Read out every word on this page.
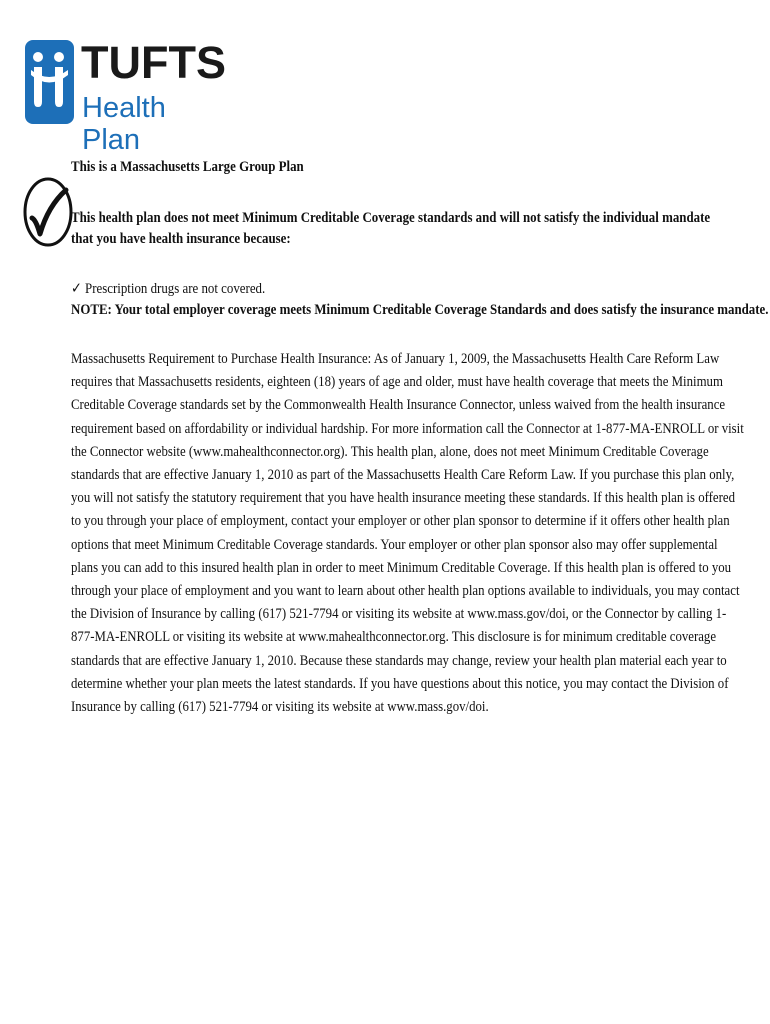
TUFTS
Health Plan
This is a Massachusetts Large Group Plan
This health plan does not meet Minimum Creditable Coverage standards and will not satisfy the individual mandate that you have health insurance because:
✓ Prescription drugs are not covered.
NOTE: Your total employer coverage meets Minimum Creditable Coverage Standards and does satisfy the insurance mandate.
Massachusetts Requirement to Purchase Health Insurance: As of January 1, 2009, the Massachusetts Health Care Reform Law requires that Massachusetts residents, eighteen (18) years of age and older, must have health coverage that meets the Minimum Creditable Coverage standards set by the Commonwealth Health Insurance Connector, unless waived from the health insurance requirement based on affordability or individual hardship. For more information call the Connector at 1-877-MA-ENROLL or visit the Connector website (www.mahealthconnector.org). This health plan, alone, does not meet Minimum Creditable Coverage standards that are effective January 1, 2010 as part of the Massachusetts Health Care Reform Law. If you purchase this plan only, you will not satisfy the statutory requirement that you have health insurance meeting these standards. If this health plan is offered to you through your place of employment, contact your employer or other plan sponsor to determine if it offers other health plan options that meet Minimum Creditable Coverage standards. Your employer or other plan sponsor also may offer supplemental plans you can add to this insured health plan in order to meet Minimum Creditable Coverage. If this health plan is offered to you through your place of employment and you want to learn about other health plan options available to individuals, you may contact the Division of Insurance by calling (617) 521-7794 or visiting its website at www.mass.gov/doi, or the Connector by calling 1-877-MA-ENROLL or visiting its website at www.mahealthconnector.org. This disclosure is for minimum creditable coverage standards that are effective January 1, 2010. Because these standards may change, review your health plan material each year to determine whether your plan meets the latest standards. If you have questions about this notice, you may contact the Division of Insurance by calling (617) 521-7794 or visiting its website at www.mass.gov/doi.
